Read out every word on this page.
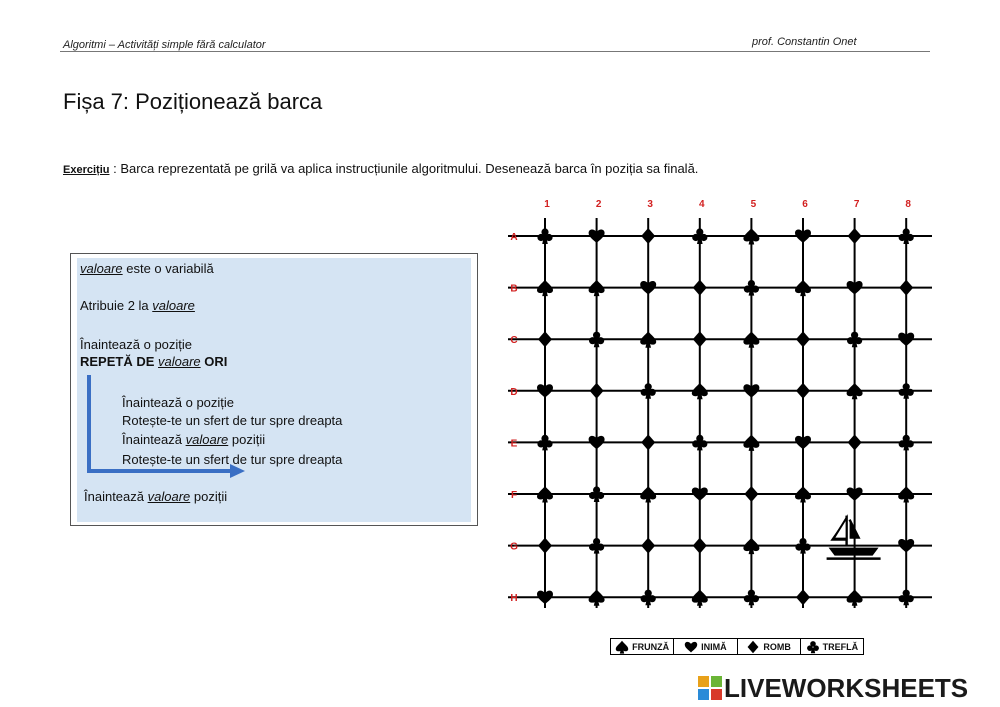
Algoritmi – Activități simple fără calculator	prof. Constantin Onet
Fișa 7: Poziționează barca
Exercițiu : Barca reprezentată pe grilă va aplica instrucțiunile algoritmului. Desenează barca în poziția sa finală.
valoare este o variabilă
Atribuie 2 la valoare
Înaintează o poziție
REPETĂ DE valoare ORI
Înaintează o poziție
Rotește-te un sfert de tur spre dreapta
Înaintează valoare poziții
Rotește-te un sfert de tur spre dreapta
Înaintează valoare poziții
A
B
C
D
E
F
G
H
1	2	3	4	5	6	7	8
FRUNZĂ	INIMĂ	ROMB	TREFLĂ
LIVEWORKSHEETS
